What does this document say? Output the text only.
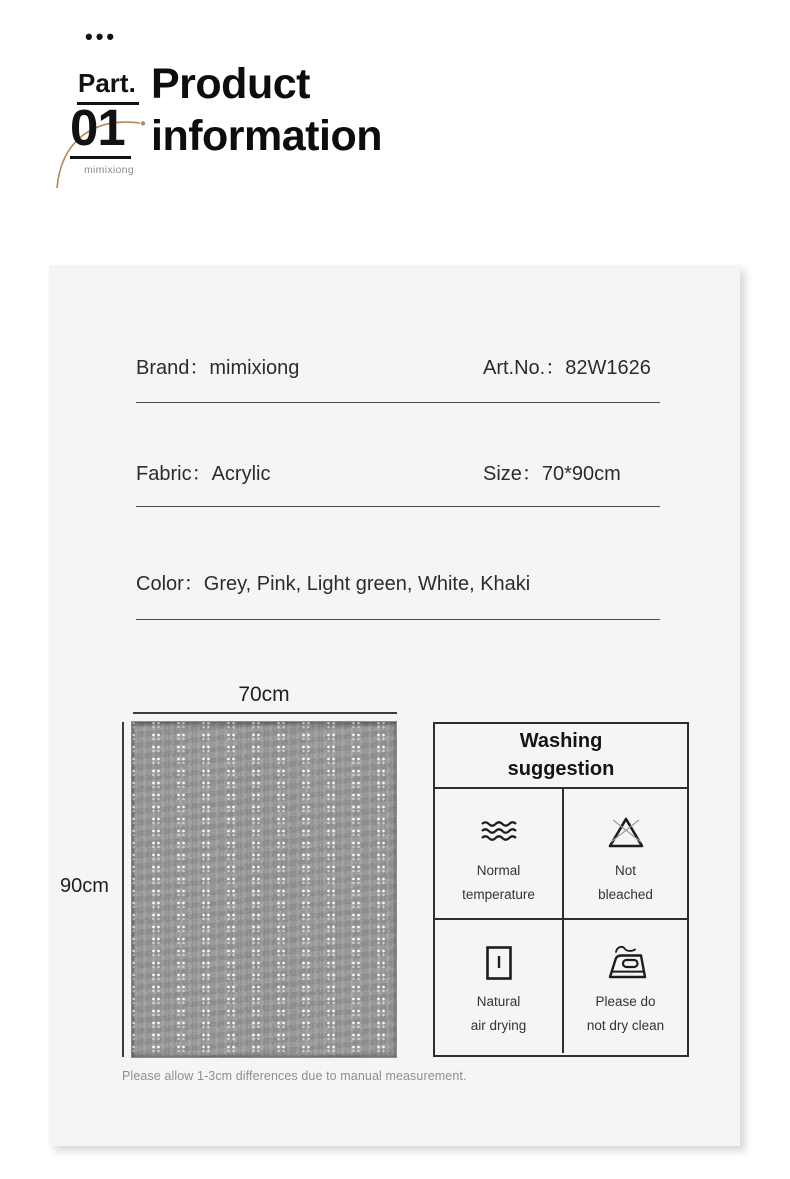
•••
Part.
01
mimixiong
Product
information
Brand：mimixiong	Art.No.：82W1626
Fabric：Acrylic	Size：70*90cm
Color：Grey, Pink, Light green, White, Khaki
70cm
90cm
Please allow 1-3cm differences due to manual measurement.
Washing
suggestion
Normal
temperature
Not
bleached
Natural
air drying
Please do
not dry clean
